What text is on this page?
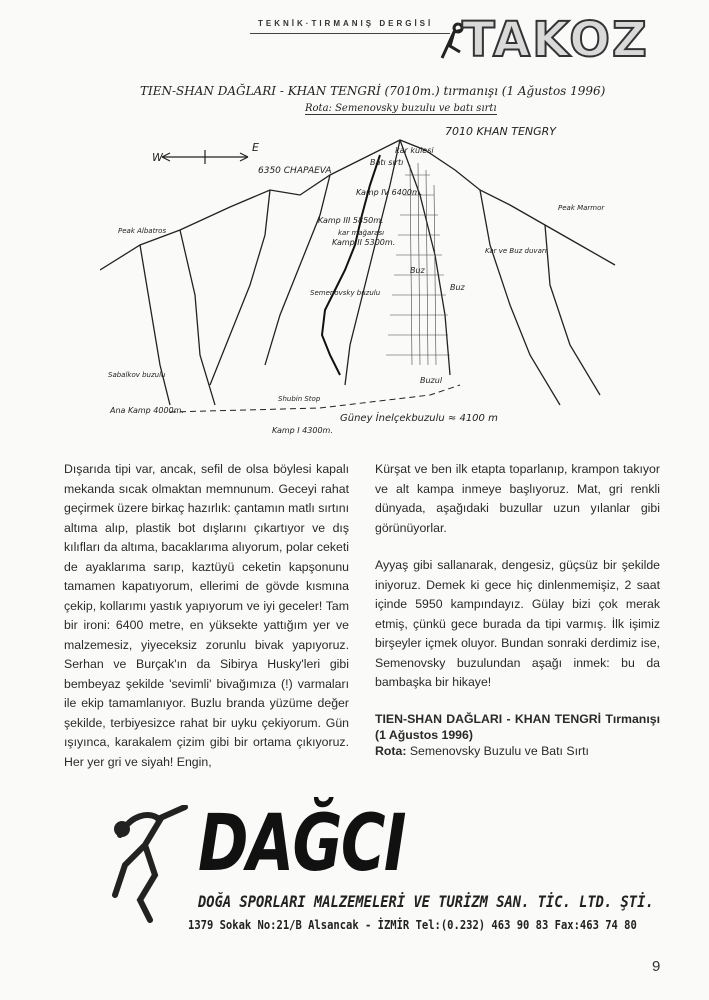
TEKNİK·TIRMANIŞ DERGİSİ TAKOZ
TIEN-SHAN DAĞLARI - KHAN TENGRİ (7010m.) tırmanışı (1 Ağustos 1996)
Rota: Semenovsky buzulu ve batı sırtı
W
E
7010 KHAN TENGRY
6350 CHAPAEVA
kar kulesi
Batı sırtı
Kamp IV 6400m.
Kamp III 5850m.
Kamp II 5300m.
kar mağarası
Buz
Buz
Buzul
Kar ve Buz duvarı
Peak Albatros
Peak Marmor
Semenovsky buzulu
Sabalkov buzulu
Ana Kamp 4000m.
Shubin Stop
Kamp I 4300m.
Güney İnelçekbuzulu ≈ 4100 m

Dışarıda tipi var, ancak, sefil de olsa böylesi kapalı mekanda sıcak olmaktan memnunum. Geceyi rahat geçirmek üzere birkaç hazırlık: çantamın matlı sırtını altıma alıp, plastik bot dışlarını çıkartıyor ve dış kılıfları da altıma, bacaklarıma alıyorum, polar ceketi de ayaklarıma sarıp, kaztüyü ceketin kapşonunu tamamen kapatıyorum, ellerimi de gövde kısmına çekip, kollarımı yastık yapıyorum ve iyi geceler! Tam bir ironi: 6400 metre, en yüksekte yattığım yer ve malzemesiz, yiyeceksiz zorunlu bivak yapıyoruz. Serhan ve Burçak'ın da Sibirya Husky'leri gibi bembeyaz şekilde 'sevimli' bivağımıza (!) varmaları ile ekip tamamlanıyor. Buzlu branda yüzüme değer şekilde, terbiyesizce rahat bir uyku çekiyorum. Gün ışıyınca, karakalem çizim gibi bir ortama çıkıyoruz. Her yer gri ve siyah! Engin,

Kürşat ve ben ilk etapta toparlanıp, krampon takıyor ve alt kampa inmeye başlıyoruz. Mat, gri renkli dünyada, aşağıdaki buzullar uzun yılanlar gibi görünüyorlar.

Ayyaş gibi sallanarak, dengesiz, güçsüz bir şekilde iniyoruz. Demek ki gece hiç dinlenmemişiz, 2 saat içinde 5950 kampındayız. Gülay bizi çok merak etmiş, çünkü gece burada da tipi varmış. İlk işimiz birşeyler içmek oluyor. Bundan sonraki derdimiz ise, Semenovsky buzulundan aşağı inmek: bu da bambaşka bir hikaye!

TIEN-SHAN DAĞLARI - KHAN TENGRİ Tırmanışı (1 Ağustos 1996)
Rota: Semenovsky Buzulu ve Batı Sırtı
DAĞCI
DOĞA SPORLARI MALZEMELERİ VE TURİZM SAN. TİC. LTD. ŞTİ.
1379 Sokak No:21/B Alsancak - İZMİR Tel:(0.232) 463 90 83 Fax:463 74 80
9
